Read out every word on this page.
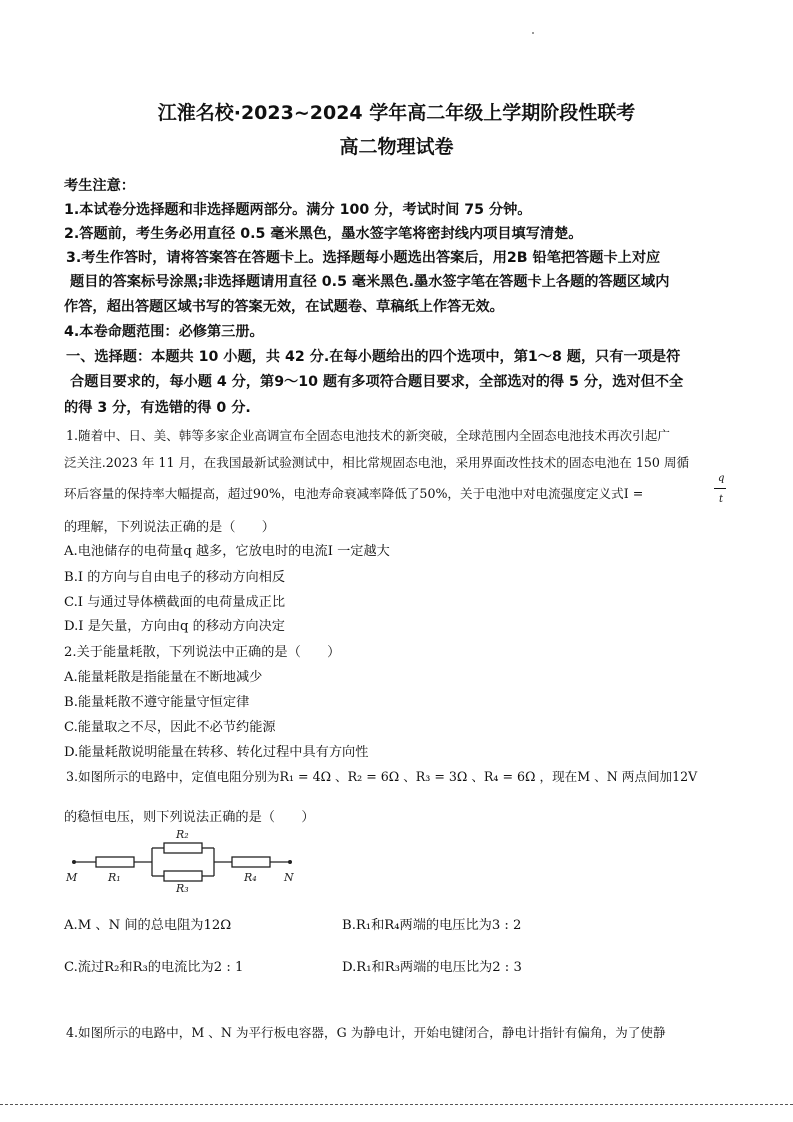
江淮名校·2023~2024 学年高二年级上学期阶段性联考
高二物理试卷
考生注意：
1.本试卷分选择题和非选择题两部分。满分 100 分，考试时间 75 分钟。
2.答题前，考生务必用直径 0.5 毫米黑色，墨水签字笔将密封线内项目填写清楚。
3.考生作答时，请将答案答在答题卡上。选择题每小题选出答案后，用2B 铅笔把答题卡上对应
题目的答案标号涂黑;非选择题请用直径 0.5 毫米黑色.墨水签字笔在答题卡上各题的答题区域内
作答，超出答题区域书写的答案无效，在试题卷、草稿纸上作答无效。
4.本卷命题范围：必修第三册。
一、选择题：本题共 10 小题，共 42 分.在每小题给出的四个选项中，第1～8 题，只有一项是符
合题目要求的，每小题 4 分，第9～10 题有多项符合题目要求，全部选对的得 5 分，选对但不全
的得 3 分，有选错的得 0 分.
1.随着中、日、美、韩等多家企业高调宣布全固态电池技术的新突破，全球范围内全固态电池技术再次引起广
泛关注.2023 年 11 月，在我国最新试验测试中，相比常规固态电池，采用界面改性技术的固态电池在 150 周循
环后容量的保持率大幅提高，超过90%，电池寿命衰减率降低了50%，关于电池中对电流强度定义式I =
q
t
的理解，下列说法正确的是（　　）
A.电池储存的电荷量q 越多，它放电时的电流I 一定越大
B.I 的方向与自由电子的移动方向相反
C.I 与通过导体横截面的电荷量成正比
D.I 是矢量，方向由q 的移动方向决定
2.关于能量耗散，下列说法中正确的是（　　）
A.能量耗散是指能量在不断地减少
B.能量耗散不遵守能量守恒定律
C.能量取之不尽，因此不必节约能源
D.能量耗散说明能量在转移、转化过程中具有方向性
3.如图所示的电路中，定值电阻分别为R₁ = 4Ω 、R₂ = 6Ω 、R₃ = 3Ω 、R₄ = 6Ω ，现在M 、N 两点间加12V
的稳恒电压，则下列说法正确的是（　　）
M	N
R₁
R₂
R₃
R₄
A.M 、N 间的总电阻为12Ω	B.R₁和R₄两端的电压比为3 : 2
C.流过R₂和R₃的电流比为2 : 1	D.R₁和R₃两端的电压比为2 : 3
4.如图所示的电路中，M 、N 为平行板电容器，G 为静电计，开始电键闭合，静电计指针有偏角，为了使静
